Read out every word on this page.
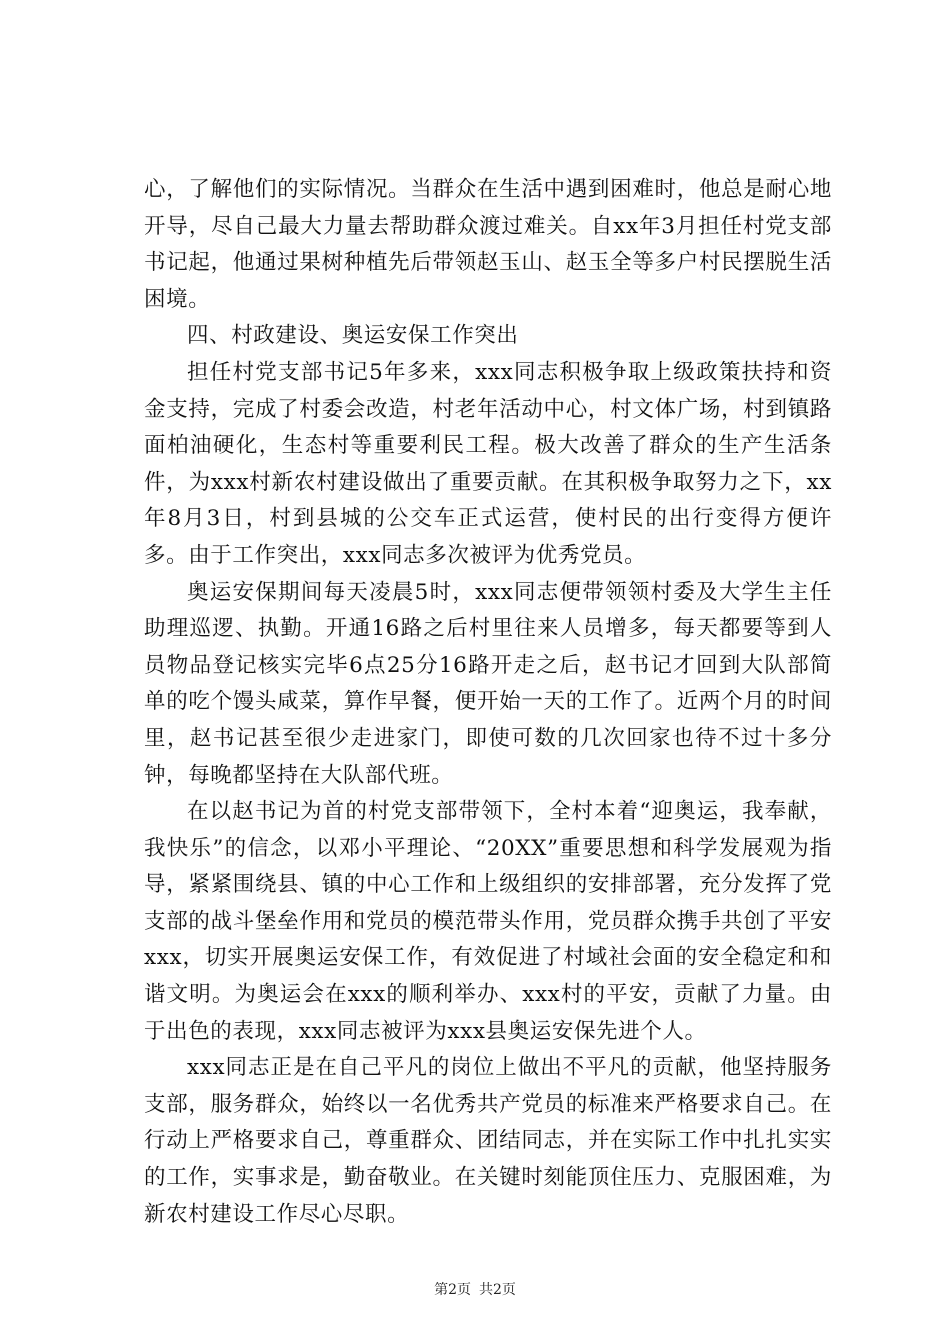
心，了解他们的实际情况。当群众在生活中遇到困难时，他总是耐心地开导，尽自己最大力量去帮助群众渡过难关。自xx年3月担任村党支部书记起，他通过果树种植先后带领赵玉山、赵玉全等多户村民摆脱生活困境。

四、村政建设、奥运安保工作突出

担任村党支部书记5年多来，xxx同志积极争取上级政策扶持和资金支持，完成了村委会改造，村老年活动中心，村文体广场，村到镇路面柏油硬化，生态村等重要利民工程。极大改善了群众的生产生活条件，为xxx村新农村建设做出了重要贡献。在其积极争取努力之下，xx年8月3日，村到县城的公交车正式运营，使村民的出行变得方便许多。由于工作突出，xxx同志多次被评为优秀党员。

奥运安保期间每天凌晨5时，xxx同志便带领领村委及大学生主任助理巡逻、执勤。开通16路之后村里往来人员增多，每天都要等到人员物品登记核实完毕6点25分16路开走之后，赵书记才回到大队部简单的吃个馒头咸菜，算作早餐，便开始一天的工作了。近两个月的时间里，赵书记甚至很少走进家门，即使可数的几次回家也待不过十多分钟，每晚都坚持在大队部代班。

在以赵书记为首的村党支部带领下，全村本着“迎奥运，我奉献，我快乐”的信念，以邓小平理论、“20XX”重要思想和科学发展观为指导，紧紧围绕县、镇的中心工作和上级组织的安排部署，充分发挥了党支部的战斗堡垒作用和党员的模范带头作用，党员群众携手共创了平安xxx，切实开展奥运安保工作，有效促进了村域社会面的安全稳定和和谐文明。为奥运会在xxx的顺利举办、xxx村的平安，贡献了力量。由于出色的表现，xxx同志被评为xxx县奥运安保先进个人。

xxx同志正是在自己平凡的岗位上做出不平凡的贡献，他坚持服务支部，服务群众，始终以一名优秀共产党员的标准来严格要求自己。在行动上严格要求自己，尊重群众、团结同志，并在实际工作中扎扎实实的工作，实事求是，勤奋敬业。在关键时刻能顶住压力、克服困难，为新农村建设工作尽心尽职。

第2页 共2页
